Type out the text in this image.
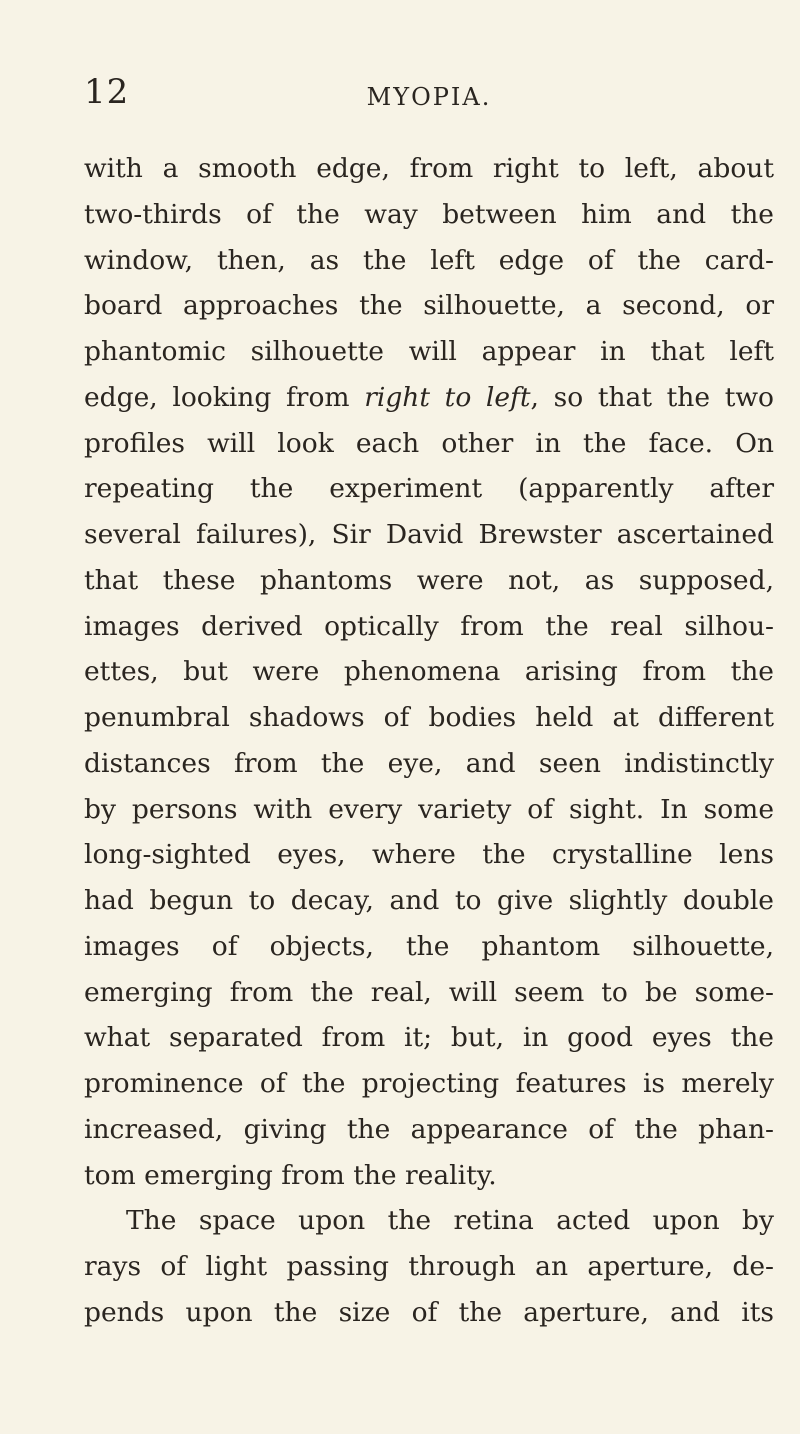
12	MYOPIA.
with a smooth edge, from right to left, about
two-thirds of the way between him and the
window, then, as the left edge of the card-
board approaches the silhouette, a second, or
phantomic silhouette will appear in that left
edge, looking from right to left, so that the two
profiles will look each other in the face. On
repeating the experiment (apparently after
several failures), Sir David Brewster ascertained
that these phantoms were not, as supposed,
images derived optically from the real silhou-
ettes, but were phenomena arising from the
penumbral shadows of bodies held at different
distances from the eye, and seen indistinctly
by persons with every variety of sight. In some
long-sighted eyes, where the crystalline lens
had begun to decay, and to give slightly double
images of objects, the phantom silhouette,
emerging from the real, will seem to be some-
what separated from it; but, in good eyes the
prominence of the projecting features is merely
increased, giving the appearance of the phan-
tom emerging from the reality.
The space upon the retina acted upon by
rays of light passing through an aperture, de-
pends upon the size of the aperture, and its
